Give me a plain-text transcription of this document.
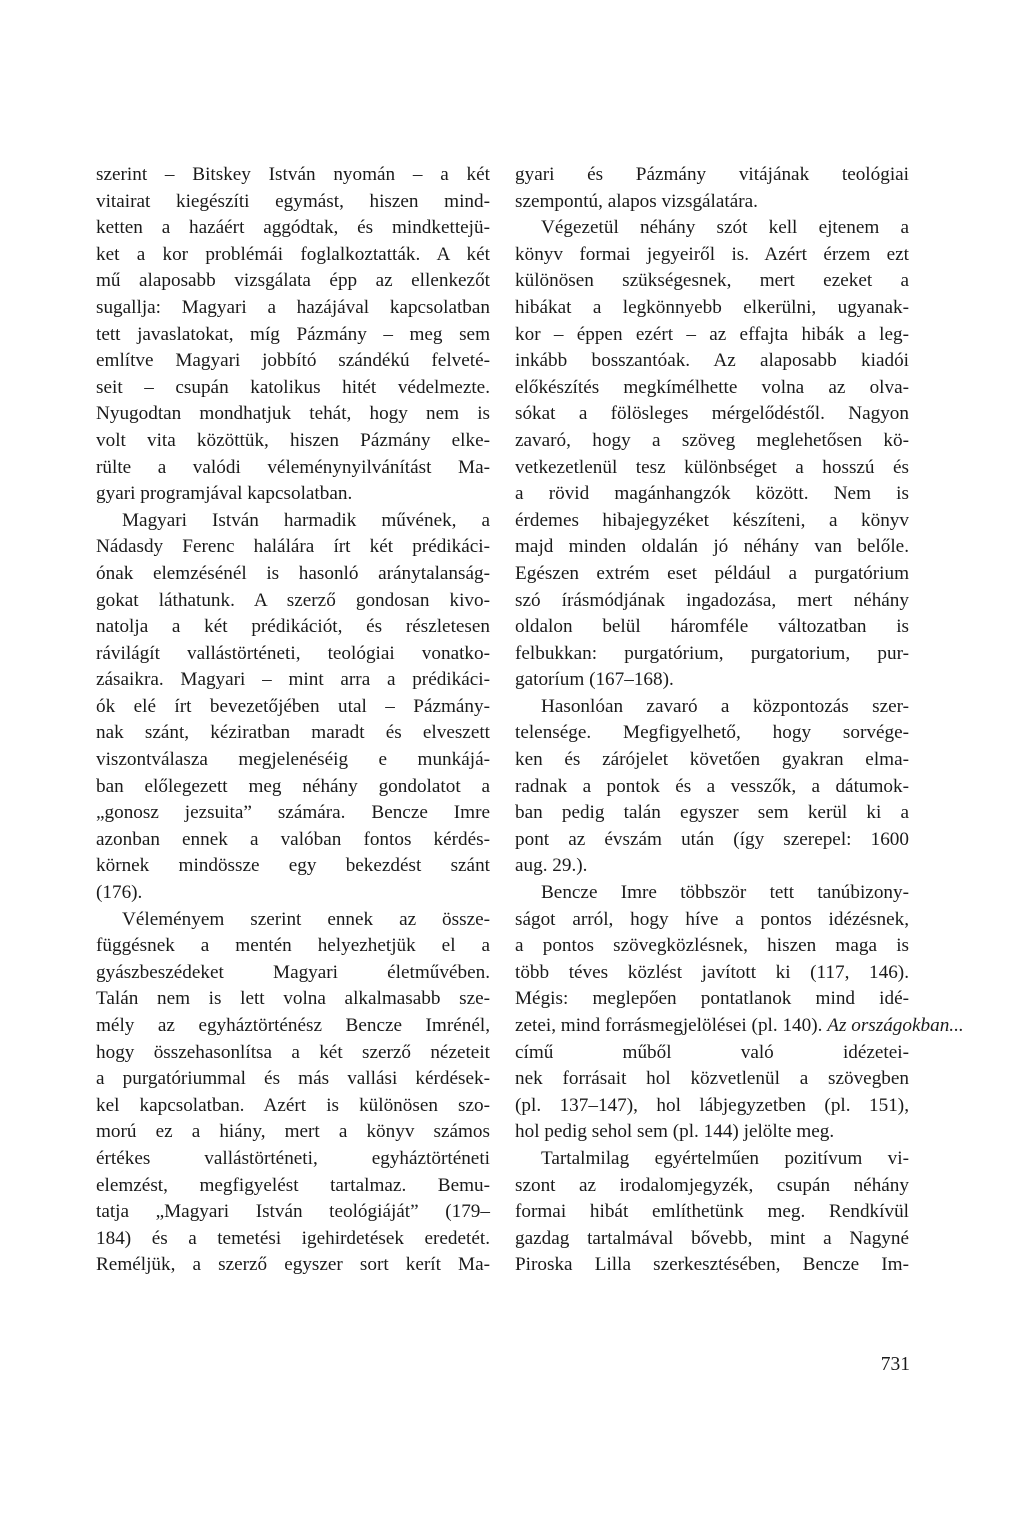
szerint – Bitskey István nyomán – a két
vitairat kiegészíti egymást, hiszen mind-
ketten a hazáért aggódtak, és mindkettejü-
ket a kor problémái foglalkoztatták. A két
mű alaposabb vizsgálata épp az ellenkezőt
sugallja: Magyari a hazájával kapcsolatban
tett javaslatokat, míg Pázmány – meg sem
említve Magyari jobbító szándékú felveté-
seit – csupán katolikus hitét védelmezte.
Nyugodtan mondhatjuk tehát, hogy nem is
volt vita közöttük, hiszen Pázmány elke-
rülte a valódi véleménynyilvánítást Ma-
gyari programjával kapcsolatban.
Magyari István harmadik művének, a
Nádasdy Ferenc halálára írt két prédikáci-
ónak elemzésénél is hasonló aránytalanság-
gokat láthatunk. A szerző gondosan kivo-
natolja a két prédikációt, és részletesen
rávilágít vallástörténeti, teológiai vonatko-
zásaikra. Magyari – mint arra a prédikáci-
ók elé írt bevezetőjében utal – Pázmány-
nak szánt, kéziratban maradt és elveszett
viszontválasza megjelenéséig e munkájá-
ban előlegezett meg néhány gondolatot a
„gonosz jezsuita” számára. Bencze Imre
azonban ennek a valóban fontos kérdés-
körnek mindössze egy bekezdést szánt
(176).
Véleményem szerint ennek az össze-
függésnek a mentén helyezhetjük el a
gyászbeszédeket Magyari életművében.
Talán nem is lett volna alkalmasabb sze-
mély az egyháztörténész Bencze Imrénél,
hogy összehasonlítsa a két szerző nézeteit
a purgatóriummal és más vallási kérdések-
kel kapcsolatban. Azért is különösen szo-
morú ez a hiány, mert a könyv számos
értékes vallástörténeti, egyháztörténeti
elemzést, megfigyelést tartalmaz. Bemu-
tatja „Magyari István teológiáját” (179–
184) és a temetési igehirdetések eredetét.
Reméljük, a szerző egyszer sort kerít Ma-
gyari és Pázmány vitájának teológiai
szempontú, alapos vizsgálatára.
Végezetül néhány szót kell ejtenem a
könyv formai jegyeiről is. Azért érzem ezt
különösen szükségesnek, mert ezeket a
hibákat a legkönnyebb elkerülni, ugyanak-
kor – éppen ezért – az effajta hibák a leg-
inkább bosszantóak. Az alaposabb kiadói
előkészítés megkímélhette volna az olva-
sókat a fölösleges mérgelődéstől. Nagyon
zavaró, hogy a szöveg meglehetősen kö-
vetkezetlenül tesz különbséget a hosszú és
a rövid magánhangzók között. Nem is
érdemes hibajegyzéket készíteni, a könyv
majd minden oldalán jó néhány van belőle.
Egészen extrém eset például a purgatórium
szó írásmódjának ingadozása, mert néhány
oldalon belül háromféle változatban is
felbukkan: purgatórium, purgatorium, pur-
gatoríum (167–168).
Hasonlóan zavaró a központozás szer-
telensége. Megfigyelhető, hogy sorvége-
ken és zárójelet követően gyakran elma-
radnak a pontok és a vesszők, a dátumok-
ban pedig talán egyszer sem kerül ki a
pont az évszám után (így szerepel: 1600
aug. 29.).
Bencze Imre többször tett tanúbizony-
ságot arról, hogy híve a pontos idézésnek,
a pontos szövegközlésnek, hiszen maga is
több téves közlést javított ki (117, 146).
Mégis: meglepően pontatlanok mind idé-
zetei, mind forrásmegjelölései (pl. 140). Az országokban...
című műből való idézetei-
nek forrásait hol közvetlenül a szövegben
(pl. 137–147), hol lábjegyzetben (pl. 151),
hol pedig sehol sem (pl. 144) jelölte meg.
Tartalmilag egyértelműen pozitívum vi-
szont az irodalomjegyzék, csupán néhány
formai hibát említhetünk meg. Rendkívül
gazdag tartalmával bővebb, mint a Nagyné
Piroska Lilla szerkesztésében, Bencze Im-
731
